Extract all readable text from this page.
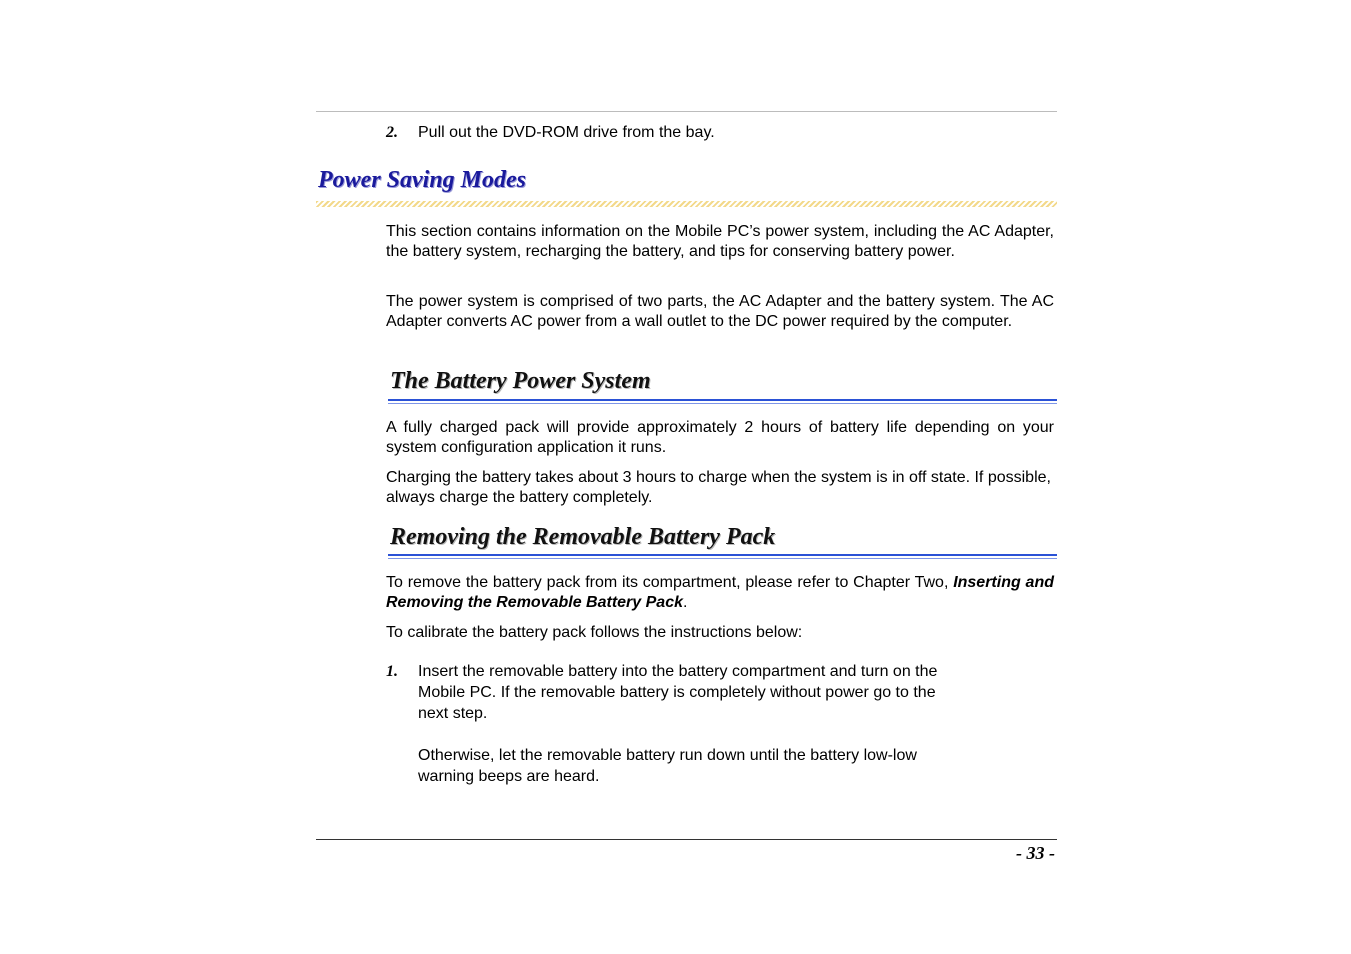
2. Pull out the DVD-ROM drive from the bay.
Power Saving Modes

This section contains information on the Mobile PC’s power system, including the AC Adapter, the battery system, recharging the battery, and tips for conserving battery power.

The power system is comprised of two parts, the AC Adapter and the battery system. The AC Adapter converts AC power from a wall outlet to the DC power required by the computer.

The Battery Power System

A fully charged pack will provide approximately 2 hours of battery life depending on your system configuration application it runs.

Charging the battery takes about 3 hours to charge when the system is in off state. If possible, always charge the battery completely.

Removing the Removable Battery Pack

To remove the battery pack from its compartment, please refer to Chapter Two, Inserting and Removing the Removable Battery Pack.

To calibrate the battery pack follows the instructions below:

1. Insert the removable battery into the battery compartment and turn on the
Mobile PC. If the removable battery is completely without power go to the
next step.

Otherwise, let the removable battery run down until the battery low-low
warning beeps are heard.
- 33 -
